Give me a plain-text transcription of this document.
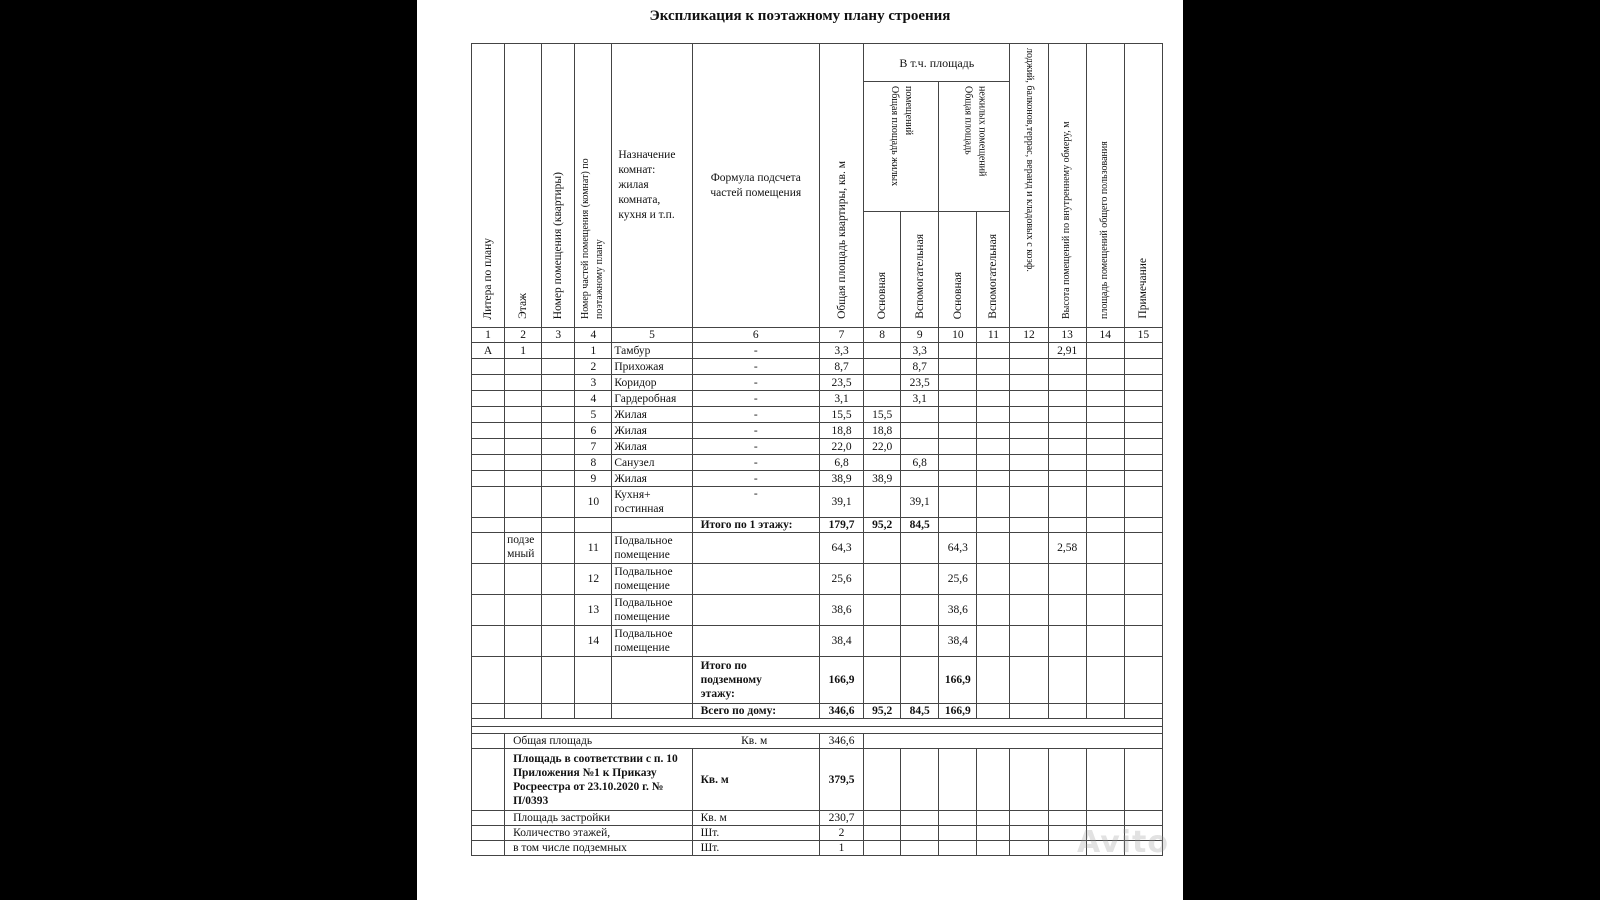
Экспликация к поэтажному плану строения
Литера по плану	Этаж	Номер помещения (квартиры)	Номер частей помещения (комнат) по поэтажному плану	Назначение комнат: жилая комната, кухня и т.п.	Формула подсчета частей помещения	Общая площадь квартиры, кв. м	В т.ч. площадь				лоджий, балконов,террас, веранд и кладовых с коэф.	Высота помещений по внутреннему обмеру, м	площадь помещений общего пользования	Примечание
							Общая площадь жилых помещений		Общая площадь нежилых помещений					
							Основная	Вспомогательная	Основная	Вспомогательная				
1	2	3	4	5	6	7	8	9	10	11	12	13	14	15
А	1		1	Тамбур	-	3,3		3,3				2,91		
			2	Прихожая	-	8,7		8,7						
			3	Коридор	-	23,5		23,5						
			4	Гардеробная	-	3,1		3,1						
			5	Жилая	-	15,5	15,5							
			6	Жилая	-	18,8	18,8							
			7	Жилая	-	22,0	22,0							
			8	Санузел	-	6,8		6,8						
			9	Жилая	-	38,9	38,9							
			10	Кухня+ гостинная	-	39,1		39,1						
					Итого по 1 этажу:	179,7	95,2	84,5						
	подзе мный		11	Подвальное помещение		64,3			64,3			2,58		
			12	Подвальное помещение		25,6			25,6					
			13	Подвальное помещение		38,6			38,6					
			14	Подвальное помещение		38,4			38,4					
					Итого по подземному этажу:	166,9			166,9					
					Всего по дому:	346,6	95,2	84,5	166,9					

	Общая площадь Кв. м					346,6								
	Площадь в соответствии с п. 10 Приложения №1 к Приказу Росреестра от 23.10.2020 г. № П/0393				Кв. м	379,5								
	Площадь застройки				Кв. м	230,7								
	Количество этажей,				Шт.	2								
	в том числе подземных				Шт.	1									Avito
